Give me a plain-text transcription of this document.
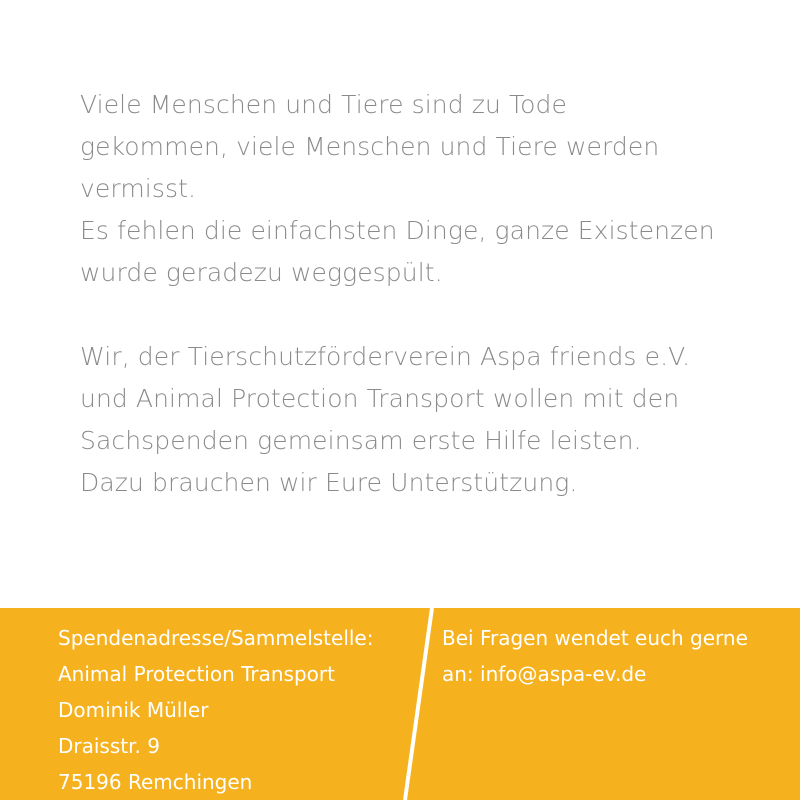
Viele Menschen und Tiere sind zu Tode
gekommen, viele Menschen und Tiere werden
vermisst.
Es fehlen die einfachsten Dinge, ganze Existenzen
wurde geradezu weggespült.

Wir, der Tierschutzförderverein Aspa friends e.V.
und Animal Protection Transport wollen mit den
Sachspenden gemeinsam erste Hilfe leisten.
Dazu brauchen wir Eure Unterstützung.

Spendenadresse/Sammelstelle:
Animal Protection Transport
Dominik Müller
Draisstr. 9
75196 Remchingen
Bei Fragen wendet euch gerne
an: info@aspa-ev.de
